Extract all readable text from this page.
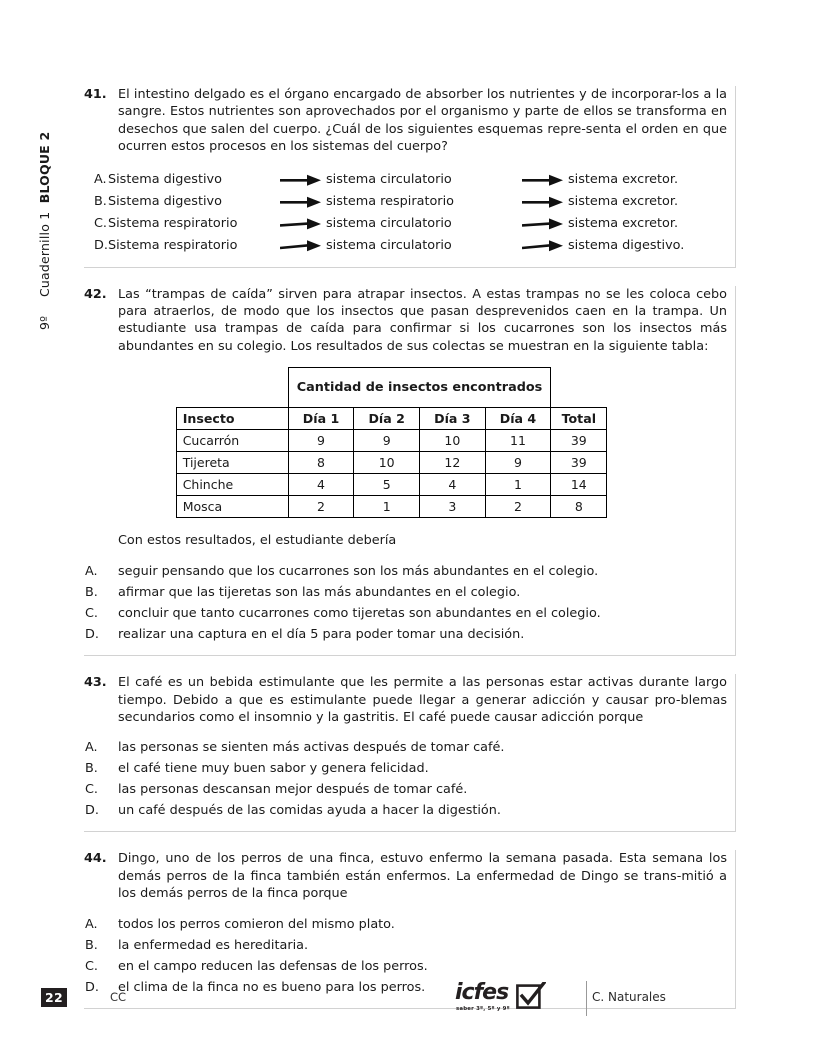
Cuadernillo 1  BLOQUE 2
9º
41. El intestino delgado es el órgano encargado de absorber los nutrientes y de incorporar-los a la sangre. Estos nutrientes son aprovechados por el organismo y parte de ellos se transforma en desechos que salen del cuerpo. ¿Cuál de los siguientes esquemas repre-senta el orden en que ocurren estos procesos en los sistemas del cuerpo?
A. Sistema digestivo	sistema circulatorio	sistema excretor.
B. Sistema digestivo	sistema respiratorio	sistema excretor.
C. Sistema respiratorio	sistema circulatorio	sistema excretor.
D. Sistema respiratorio	sistema circulatorio	sistema digestivo.
42. Las “trampas de caída” sirven para atrapar insectos. A estas trampas no se les coloca cebo para atraerlos, de modo que los insectos que pasan desprevenidos caen en la trampa. Un estudiante usa trampas de caída para confirmar si los cucarrones son los insectos más abundantes en su colegio. Los resultados de sus colectas se muestran en la siguiente tabla:
	Cantidad de insectos encontrados				
Insecto	Día 1	Día 2	Día 3	Día 4	Total
Cucarrón	9	9	10	11	39
Tijereta	8	10	12	9	39
Chinche	4	5	4	1	14
Mosca	2	1	3	2	8
Con estos resultados, el estudiante debería
A.	seguir pensando que los cucarrones son los más abundantes en el colegio.
B.	afirmar que las tijeretas son las más abundantes en el colegio.
C.	concluir que tanto cucarrones como tijeretas son abundantes en el colegio.
D.	realizar una captura en el día 5 para poder tomar una decisión.
43. El café es un bebida estimulante que les permite a las personas estar activas durante largo tiempo. Debido a que es estimulante puede llegar a generar adicción y causar pro-blemas secundarios como el insomnio y la gastritis. El café puede causar adicción porque
A.	las personas se sienten más activas después de tomar café.
B.	el café tiene muy buen sabor y genera felicidad.
C.	las personas descansan mejor después de tomar café.
D.	un café después de las comidas ayuda a hacer la digestión.
44. Dingo, uno de los perros de una finca, estuvo enfermo la semana pasada. Esta semana los demás perros de la finca también están enfermos. La enfermedad de Dingo se trans-mitió a los demás perros de la finca porque
A.	todos los perros comieron del mismo plato.
B.	la enfermedad es hereditaria.
C.	en el campo reducen las defensas de los perros.
D.	el clima de la finca no es bueno para los perros.
22	CC	icfes
saber 3º, 5º y 9º
C. Naturales
